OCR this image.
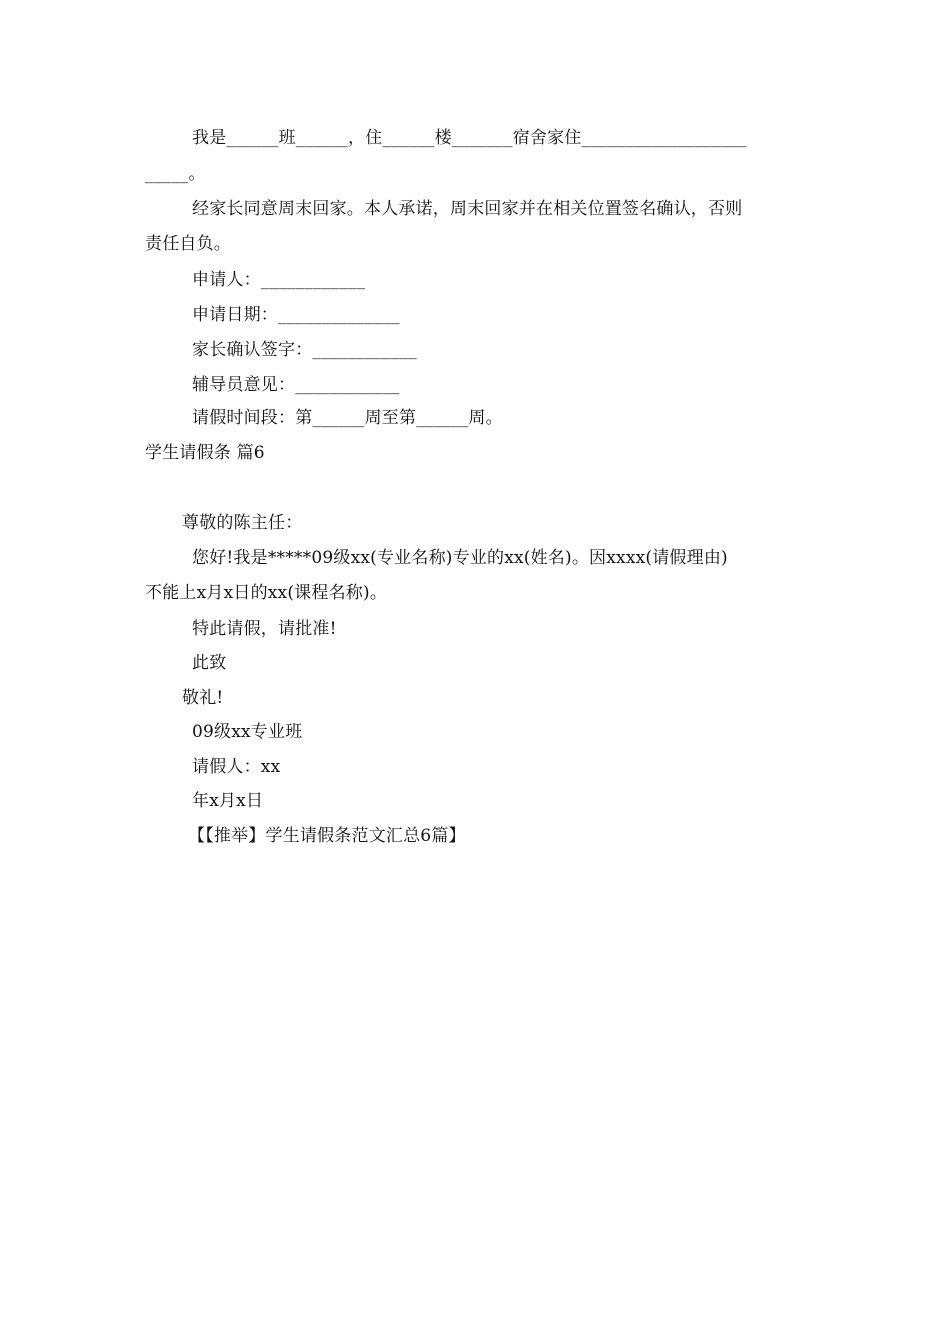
我是______班______，住______楼_______宿舍家住___________________
_____。
经家长同意周末回家。本人承诺，周末回家并在相关位置签名确认，否则
责任自负。
申请人：____________
申请日期：______________
家长确认签字：____________
辅导员意见：____________
请假时间段：第______周至第______周。
学生请假条 篇6
尊敬的陈主任：
您好!我是*****09级xx(专业名称)专业的xx(姓名)。因xxxx(请假理由)
不能上x月x日的xx(课程名称)。
特此请假，请批准!
此致
敬礼!
09级xx专业班
请假人：xx
年x月x日
【【推举】学生请假条范文汇总6篇】
